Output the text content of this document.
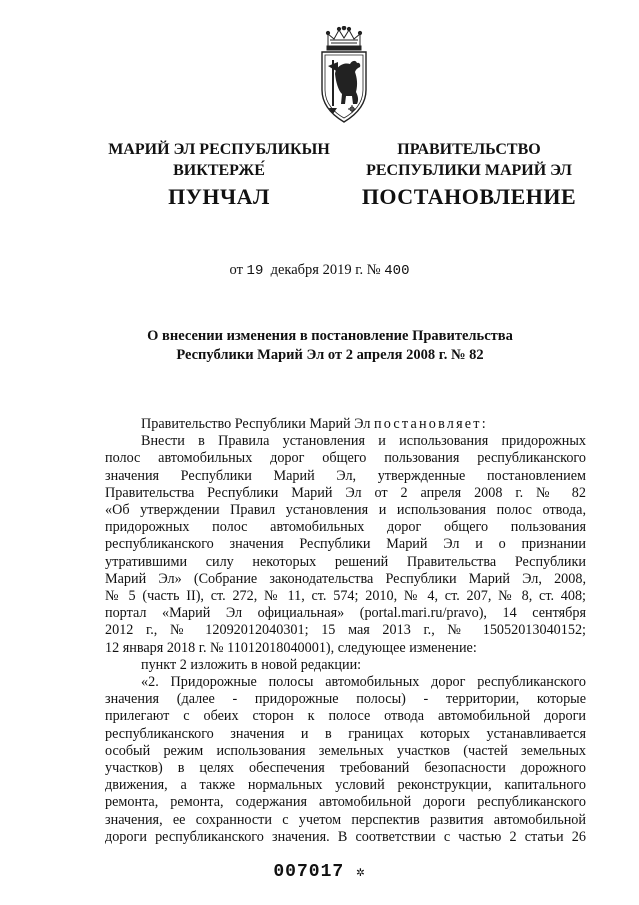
МАРИЙ ЭЛ РЕСПУБЛИКЫН
ВИКТЕРЖЕ́
ПУНЧАЛ
ПРАВИТЕЛЬСТВО
РЕСПУБЛИКИ МАРИЙ ЭЛ
ПОСТАНОВЛЕНИЕ
от 19 декабря 2019 г. № 400
О внесении изменения в постановление Правительства
Республики Марий Эл от 2 апреля 2008 г. № 82

Правительство Республики Марий Эл постановляет:

Внести в Правила установления и использования придорожных

полос автомобильных дорог общего пользования республиканского

значения Республики Марий Эл, утвержденные постановлением

Правительства Республики Марий Эл от 2 апреля 2008 г. № 82

«Об утверждении Правил установления и использования полос отвода,

придорожных полос автомобильных дорог общего пользования

республиканского значения Республики Марий Эл и о признании

утратившими силу некоторых решений Правительства Республики

Марий Эл» (Собрание законодательства Республики Марий Эл, 2008,

№ 5 (часть II), ст. 272, № 11, ст. 574; 2010, № 4, ст. 207, № 8, ст. 408;

портал «Марий Эл официальная» (portal.mari.ru/pravo), 14 сентября

2012 г., № 12092012040301; 15 мая 2013 г., № 15052013040152;

12 января 2018 г. № 11012018040001), следующее изменение:

пункт 2 изложить в новой редакции:

«2. Придорожные полосы автомобильных дорог республиканского

значения (далее - придорожные полосы) - территории, которые

прилегают с обеих сторон к полосе отвода автомобильной дороги

республиканского значения и в границах которых устанавливается

особый режим использования земельных участков (частей земельных

участков) в целях обеспечения требований безопасности дорожного

движения, а также нормальных условий реконструкции, капитального

ремонта, ремонта, содержания автомобильной дороги республиканского

значения, ее сохранности с учетом перспектив развития автомобильной

дороги республиканского значения. В соответствии с частью 2 статьи 26

007017 ✲
